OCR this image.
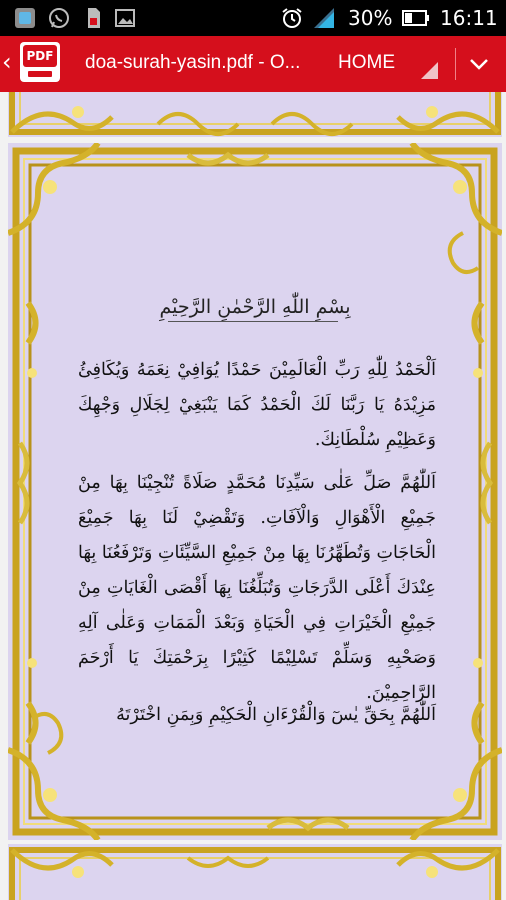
30% 16:11
‹ PDF doa-surah-yasin.pdf - O... HOME
بِسْمِ اللّٰهِ الرَّحْمٰنِ الرَّحِيْمِ
اَلْحَمْدُ لِلّٰهِ رَبِّ الْعَالَمِيْنَ حَمْدًا يُوَافِيْ نِعَمَهُ وَيُكَافِئُ مَزِيْدَهُ يَا رَبَّنَا لَكَ الْحَمْدُ كَمَا يَنْبَغِيْ لِجَلَالِ وَجْهِكَ وَعَظِيْمِ سُلْطَانِكَ.
اَللّٰهُمَّ صَلِّ عَلٰى سَيِّدِنَا مُحَمَّدٍ صَلَاةً تُنْجِيْنَا بِهَا مِنْ جَمِيْعِ الْأَهْوَالِ وَالْآفَاتِ. وَتَقْضِيْ لَنَا بِهَا جَمِيْعَ الْحَاجَاتِ وَتُطَهِّرُنَا بِهَا مِنْ جَمِيْعِ السَّيِّئَاتِ وَتَرْفَعُنَا بِهَا عِنْدَكَ أَعْلَى الدَّرَجَاتِ وَتُبَلِّغُنَا بِهَا أَقْصَى الْغَايَاتِ مِنْ جَمِيْعِ الْخَيْرَاتِ فِي الْحَيَاةِ وَبَعْدَ الْمَمَاتِ وَعَلٰى آلِهِ وَصَحْبِهِ وَسَلِّمْ تَسْلِيْمًا كَثِيْرًا بِرَحْمَتِكَ يَا أَرْحَمَ الرَّاحِمِيْنَ.
اَللّٰهُمَّ بِحَقِّ يٰسٓ وَالْقُرْءَانِ الْحَكِيْمِ وَبِمَنِ اخْتَرْتَهُ
